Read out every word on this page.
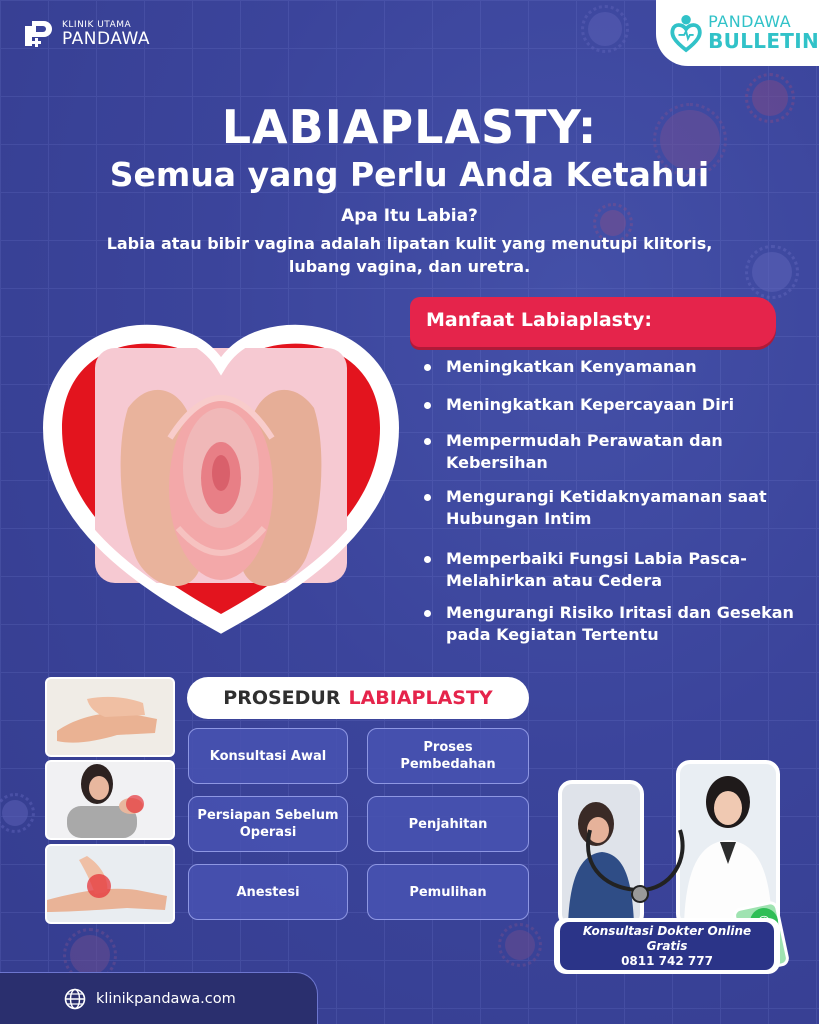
KLINIK UTAMA
PANDAWA
PANDAWA
BULLETIN
LABIAPLASTY:
Semua yang Perlu Anda Ketahui
Apa Itu Labia?
Labia atau bibir vagina adalah lipatan kulit yang menutupi klitoris,
lubang vagina, dan uretra.
Manfaat Labiaplasty:
Meningkatkan Kenyamanan
Meningkatkan Kepercayaan Diri
Mempermudah Perawatan dan Kebersihan
Mengurangi Ketidaknyamanan saat Hubungan Intim
Memperbaiki Fungsi Labia Pasca-Melahirkan atau Cedera
Mengurangi Risiko Iritasi dan Gesekan pada Kegiatan Tertentu
PROSEDUR LABIAPLASTY
Konsultasi Awal
Proses Pembedahan
Persiapan Sebelum Operasi
Penjahitan
Anestesi	Pemulihan
Konsultasi Dokter Online
Gratis
0811 742 777
klinikpandawa.com
